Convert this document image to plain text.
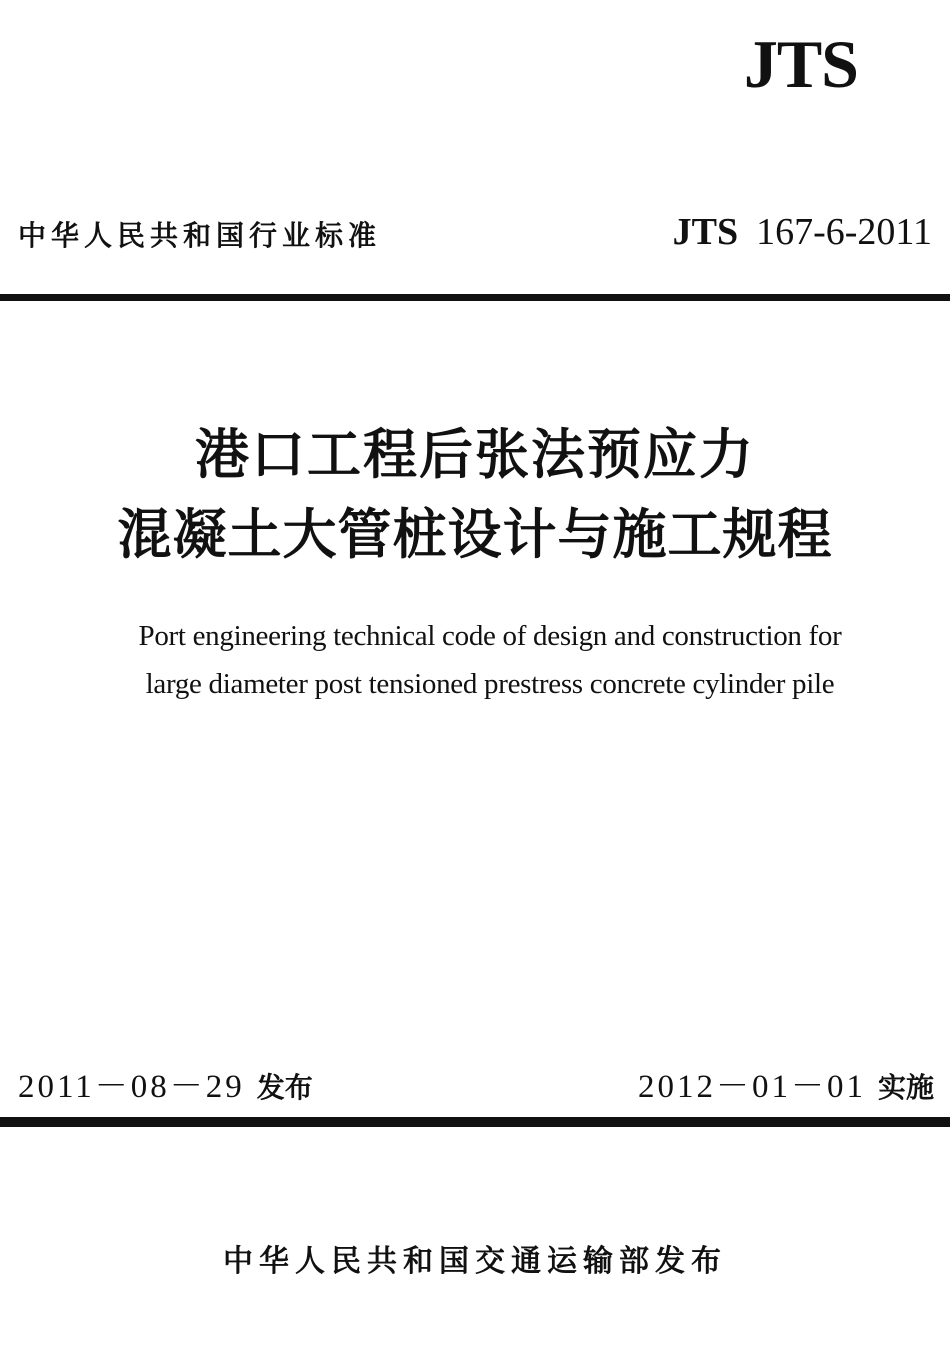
JTS
中华人民共和国行业标准	JTS 167-6-2011
港口工程后张法预应力
混凝土大管桩设计与施工规程
Port engineering technical code of design and construction for
large diameter post tensioned prestress concrete cylinder pile
2011－08－29 发布	2012－01－01 实施
中华人民共和国交通运输部发布
